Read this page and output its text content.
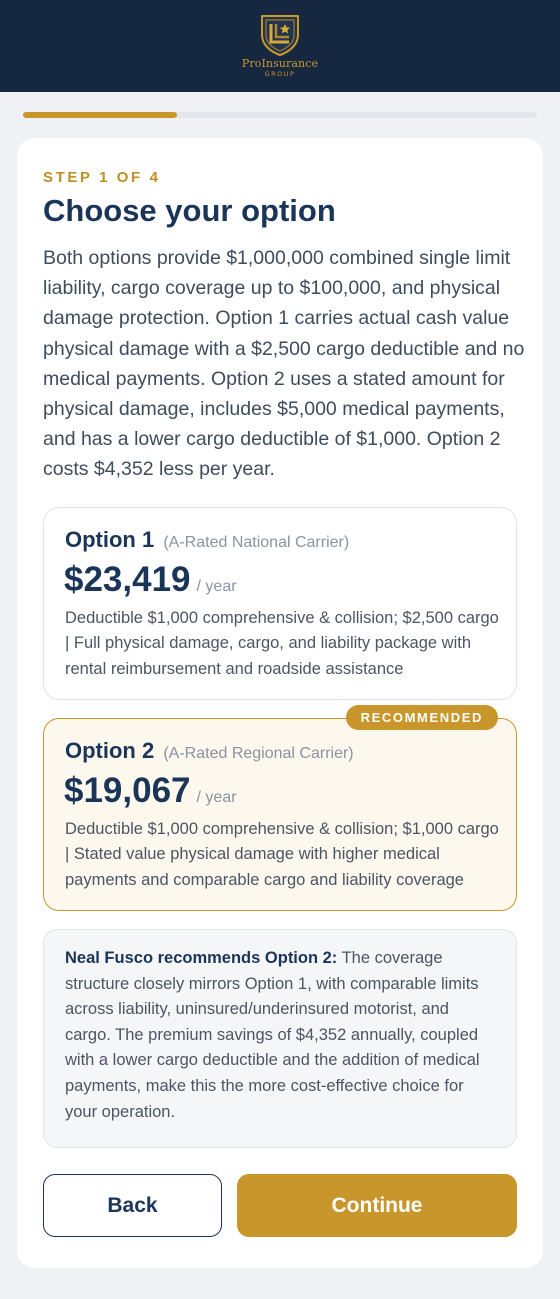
ProInsurance
GROUP
STEP 1 OF 4
Choose your option

Both options provide $1,000,000 combined single limit liability, cargo coverage up to $100,000, and physical damage protection. Option 1 carries actual cash value physical damage with a $2,500 cargo deductible and no medical payments. Option 2 uses a stated amount for physical damage, includes $5,000 medical payments, and has a lower cargo deductible of $1,000. Option 2 costs $4,352 less per year.

Option 1 (A-Rated National Carrier)
$23,419 / year
Deductible $1,000 comprehensive & collision; $2,500 cargo | Full physical damage, cargo, and liability package with rental reimbursement and roadside assistance
RECOMMENDED
Option 2 (A-Rated Regional Carrier)
$19,067 / year
Deductible $1,000 comprehensive & collision; $1,000 cargo | Stated value physical damage with higher medical payments and comparable cargo and liability coverage

Neal Fusco recommends Option 2: The coverage structure closely mirrors Option 1, with comparable limits across liability, uninsured/underinsured motorist, and cargo. The premium savings of $4,352 annually, coupled with a lower cargo deductible and the addition of medical payments, make this the more cost-effective choice for your operation.

Back	Continue
